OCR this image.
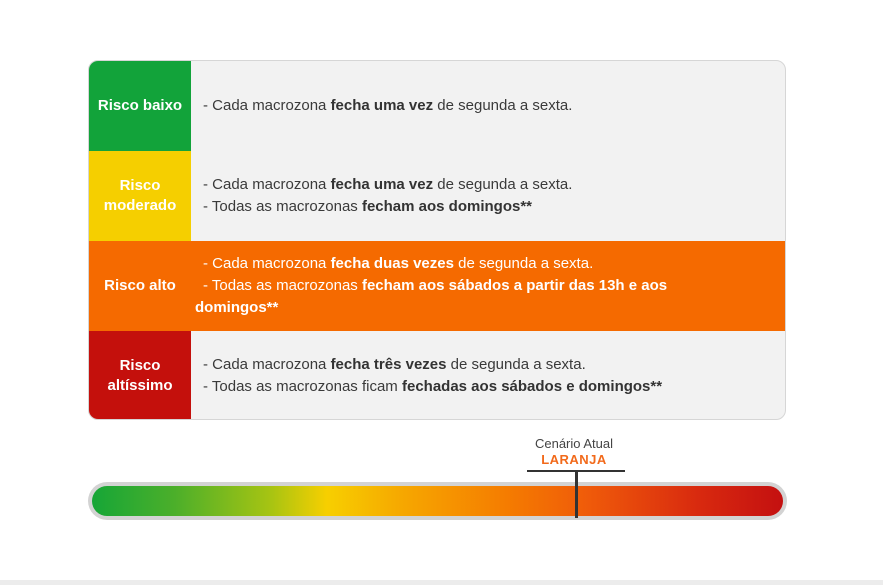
Risco baixo	- Cada macrozona fecha uma vez de segunda a sexta.

Risco moderado

- Cada macrozona fecha uma vez de segunda a sexta.

- Todas as macrozonas fecham aos domingos**

Risco alto

- Cada macrozona fecha duas vezes de segunda a sexta.

- Todas as macrozonas fecham aos sábados a partir das 13h e aos

domingos**

Risco altíssimo

- Cada macrozona fecha três vezes de segunda a sexta.

- Todas as macrozonas ficam fechadas aos sábados e domingos**

Cenário Atual
LARANJA
